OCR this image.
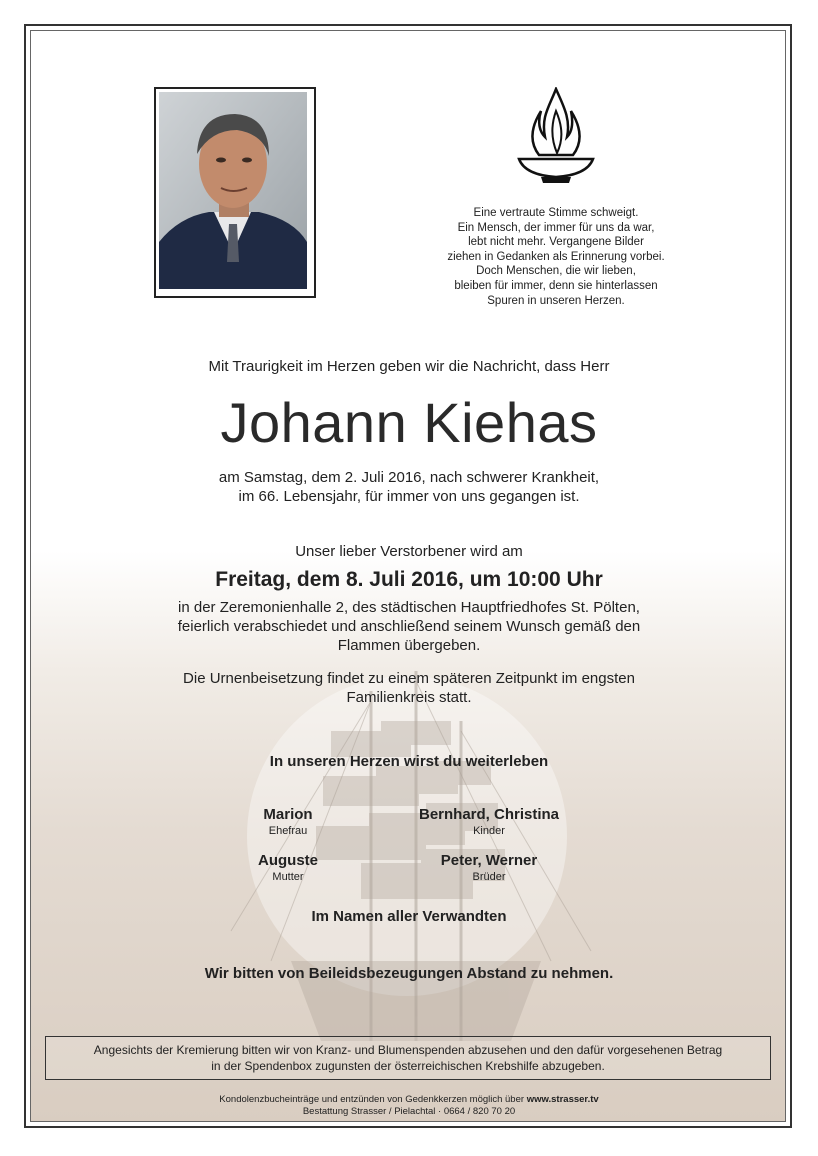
Eine vertraute Stimme schweigt.
Ein Mensch, der immer für uns da war,
lebt nicht mehr. Vergangene Bilder
ziehen in Gedanken als Erinnerung vorbei.
Doch Menschen, die wir lieben,
bleiben für immer, denn sie hinterlassen
Spuren in unseren Herzen.
Mit Traurigkeit im Herzen geben wir die Nachricht, dass Herr
Johann Kiehas
am Samstag, dem 2. Juli 2016, nach schwerer Krankheit,
im 66. Lebensjahr, für immer von uns gegangen ist.
Unser lieber Verstorbener wird am
Freitag, dem 8. Juli 2016, um 10:00 Uhr
in der Zeremonienhalle 2, des städtischen Hauptfriedhofes St. Pölten,
feierlich verabschiedet und anschließend seinem Wunsch gemäß den
Flammen übergeben.
Die Urnenbeisetzung findet zu einem späteren Zeitpunkt im engsten
Familienkreis statt.
In unseren Herzen wirst du weiterleben
Marion
Ehefrau
Bernhard, Christina
Kinder
Auguste
Mutter
Peter, Werner
Brüder
Im Namen aller Verwandten
Wir bitten von Beileidsbezeugungen Abstand zu nehmen.
Angesichts der Kremierung bitten wir von Kranz- und Blumenspenden abzusehen und den dafür vorgesehenen Betrag
in der Spendenbox zugunsten der österreichischen Krebshilfe abzugeben.
Kondolenzbucheinträge und entzünden von Gedenkkerzen möglich über www.strasser.tv
Bestattung Strasser / Pielachtal · 0664 / 820 70 20
